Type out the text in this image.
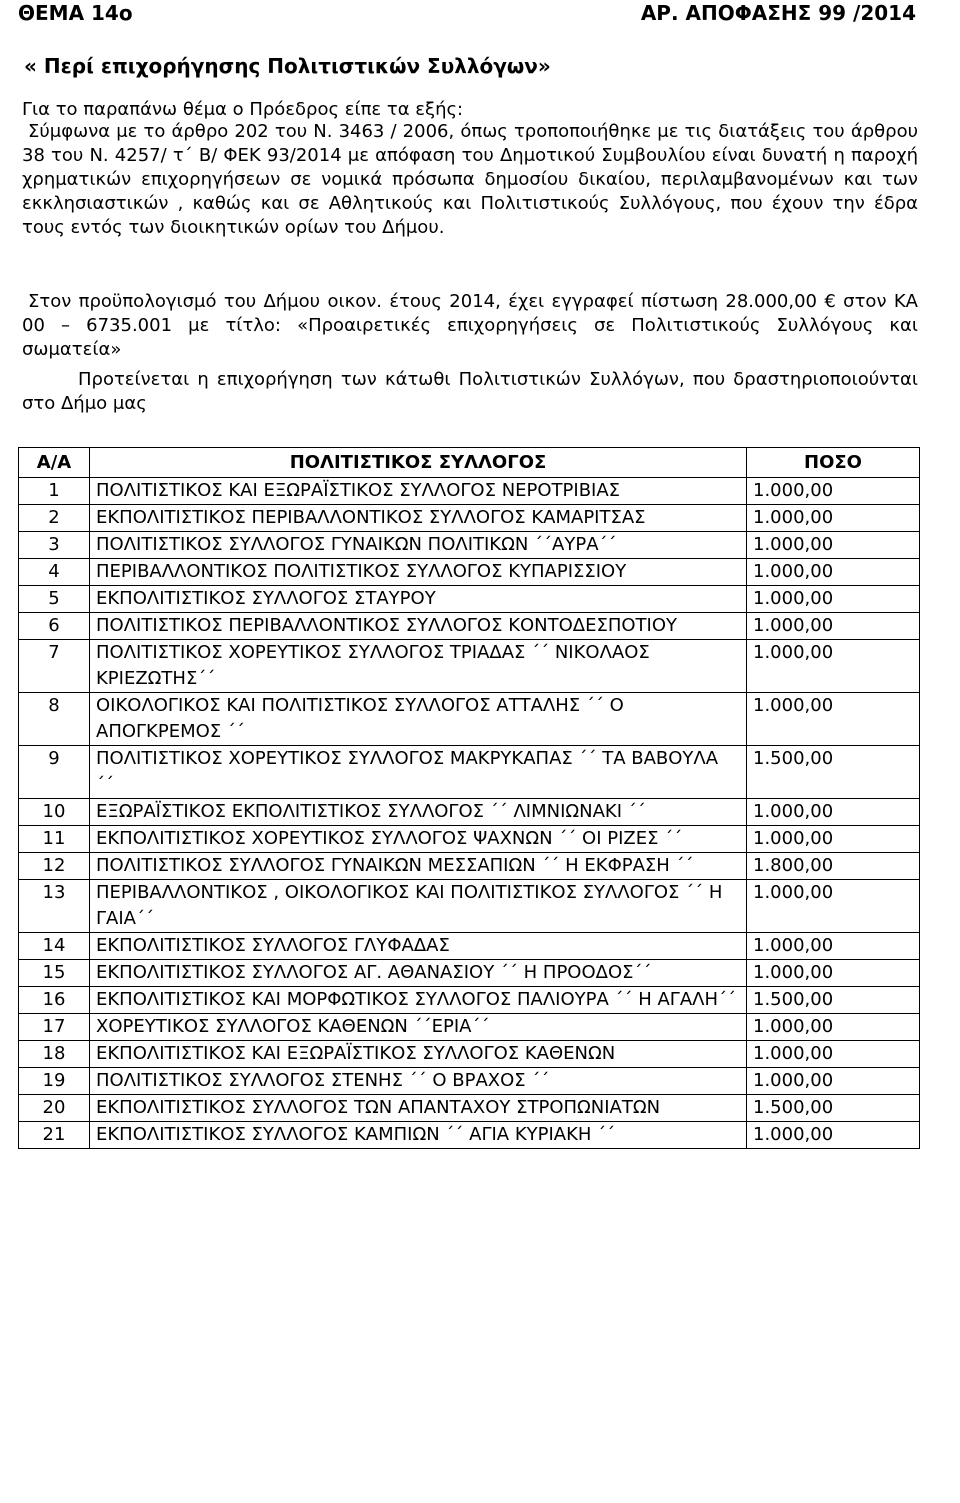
ΘΕΜΑ 14ο	ΑΡ. ΑΠΟΦΑΣΗΣ 99 /2014
« Περί επιχορήγησης Πολιτιστικών Συλλόγων»
Για το παραπάνω θέμα ο Πρόεδρος είπε τα εξής:
Σύμφωνα με το άρθρο 202 του Ν. 3463 / 2006, όπως τροποποιήθηκε με τις διατάξεις του άρθρου 38 του Ν. 4257/ τ΄ Β/ ΦΕΚ 93/2014 με απόφαση του Δημοτικού Συμβουλίου είναι δυνατή η παροχή χρηματικών επιχορηγήσεων σε νομικά πρόσωπα δημοσίου δικαίου, περιλαμβανομένων και των εκκλησιαστικών , καθώς και σε Αθλητικούς και Πολιτιστικούς Συλλόγους, που έχουν την έδρα τους εντός των διοικητικών ορίων του Δήμου.
Στον προϋπολογισμό του Δήμου οικον. έτους 2014, έχει εγγραφεί πίστωση 28.000,00 € στον ΚΑ 00 – 6735.001 με τίτλο: «Προαιρετικές επιχορηγήσεις σε Πολιτιστικούς Συλλόγους και σωματεία»
Προτείνεται η επιχορήγηση των κάτωθι Πολιτιστικών Συλλόγων, που δραστηριοποιούνται στο Δήμο μας
Α/Α	ΠΟΛΙΤΙΣΤΙΚΟΣ ΣΥΛΛΟΓΟΣ	ΠΟΣΟ
1	ΠΟΛΙΤΙΣΤΙΚΟΣ ΚΑΙ ΕΞΩΡΑΪΣΤΙΚΟΣ ΣΥΛΛΟΓΟΣ ΝΕΡΟΤΡΙΒΙΑΣ	1.000,00
2	ΕΚΠΟΛΙΤΙΣΤΙΚΟΣ ΠΕΡΙΒΑΛΛΟΝΤΙΚΟΣ ΣΥΛΛΟΓΟΣ ΚΑΜΑΡΙΤΣΑΣ	1.000,00
3	ΠΟΛΙΤΙΣΤΙΚΟΣ ΣΥΛΛΟΓΟΣ ΓΥΝΑΙΚΩΝ ΠΟΛΙΤΙΚΩΝ ΄΄ΑΥΡΑ΄΄	1.000,00
4	ΠΕΡΙΒΑΛΛΟΝΤΙΚΟΣ ΠΟΛΙΤΙΣΤΙΚΟΣ ΣΥΛΛΟΓΟΣ ΚΥΠΑΡΙΣΣΙΟΥ	1.000,00
5	ΕΚΠΟΛΙΤΙΣΤΙΚΟΣ ΣΥΛΛΟΓΟΣ ΣΤΑΥΡΟΥ	1.000,00
6	ΠΟΛΙΤΙΣΤΙΚΟΣ ΠΕΡΙΒΑΛΛΟΝΤΙΚΟΣ ΣΥΛΛΟΓΟΣ ΚΟΝΤΟΔΕΣΠΟΤΙΟΥ	1.000,00
7	ΠΟΛΙΤΙΣΤΙΚΟΣ ΧΟΡΕΥΤΙΚΟΣ ΣΥΛΛΟΓΟΣ ΤΡΙΑΔΑΣ ΄΄ ΝΙΚΟΛΑΟΣ ΚΡΙΕΖΩΤΗΣ΄΄	1.000,00
8	ΟΙΚΟΛΟΓΙΚΟΣ ΚΑΙ ΠΟΛΙΤΙΣΤΙΚΟΣ ΣΥΛΛΟΓΟΣ ΑΤΤΑΛΗΣ ΄΄ Ο ΑΠΟΓΚΡΕΜΟΣ ΄΄	1.000,00
9	ΠΟΛΙΤΙΣΤΙΚΟΣ ΧΟΡΕΥΤΙΚΟΣ ΣΥΛΛΟΓΟΣ ΜΑΚΡΥΚΑΠΑΣ ΄΄ ΤΑ ΒΑΒΟΥΛΑ ΄΄	1.500,00
10	ΕΞΩΡΑΪΣΤΙΚΟΣ ΕΚΠΟΛΙΤΙΣΤΙΚΟΣ ΣΥΛΛΟΓΟΣ ΄΄ ΛΙΜΝΙΩΝΑΚΙ ΄΄	1.000,00
11	ΕΚΠΟΛΙΤΙΣΤΙΚΟΣ ΧΟΡΕΥΤΙΚΟΣ ΣΥΛΛΟΓΟΣ ΨΑΧΝΩΝ ΄΄ ΟΙ ΡΙΖΕΣ ΄΄	1.000,00
12	ΠΟΛΙΤΙΣΤΙΚΟΣ ΣΥΛΛΟΓΟΣ ΓΥΝΑΙΚΩΝ ΜΕΣΣΑΠΙΩΝ ΄΄ Η ΕΚΦΡΑΣΗ ΄΄	1.800,00
13	ΠΕΡΙΒΑΛΛΟΝΤΙΚΟΣ , ΟΙΚΟΛΟΓΙΚΟΣ ΚΑΙ ΠΟΛΙΤΙΣΤΙΚΟΣ ΣΥΛΛΟΓΟΣ ΄΄ Η ΓΑΙΑ΄΄	1.000,00
14	ΕΚΠΟΛΙΤΙΣΤΙΚΟΣ ΣΥΛΛΟΓΟΣ ΓΛΥΦΑΔΑΣ	1.000,00
15	ΕΚΠΟΛΙΤΙΣΤΙΚΟΣ ΣΥΛΛΟΓΟΣ ΑΓ. ΑΘΑΝΑΣΙΟΥ ΄΄ Η ΠΡΟΟΔΟΣ΄΄	1.000,00
16	ΕΚΠΟΛΙΤΙΣΤΙΚΟΣ ΚΑΙ ΜΟΡΦΩΤΙΚΟΣ ΣΥΛΛΟΓΟΣ ΠΑΛΙΟΥΡΑ ΄΄ Η ΑΓΑΛΗ΄΄	1.500,00
17	ΧΟΡΕΥΤΙΚΟΣ ΣΥΛΛΟΓΟΣ ΚΑΘΕΝΩΝ ΄΄ΕΡΙΑ΄΄	1.000,00
18	ΕΚΠΟΛΙΤΙΣΤΙΚΟΣ ΚΑΙ ΕΞΩΡΑΪΣΤΙΚΟΣ ΣΥΛΛΟΓΟΣ ΚΑΘΕΝΩΝ	1.000,00
19	ΠΟΛΙΤΙΣΤΙΚΟΣ ΣΥΛΛΟΓΟΣ ΣΤΕΝΗΣ ΄΄ Ο ΒΡΑΧΟΣ ΄΄	1.000,00
20	ΕΚΠΟΛΙΤΙΣΤΙΚΟΣ ΣΥΛΛΟΓΟΣ ΤΩΝ ΑΠΑΝΤΑΧΟΥ ΣΤΡΟΠΩΝΙΑΤΩΝ	1.500,00
21	ΕΚΠΟΛΙΤΙΣΤΙΚΟΣ ΣΥΛΛΟΓΟΣ ΚΑΜΠΙΩΝ ΄΄ ΑΓΙΑ ΚΥΡΙΑΚΗ ΄΄	1.000,00
